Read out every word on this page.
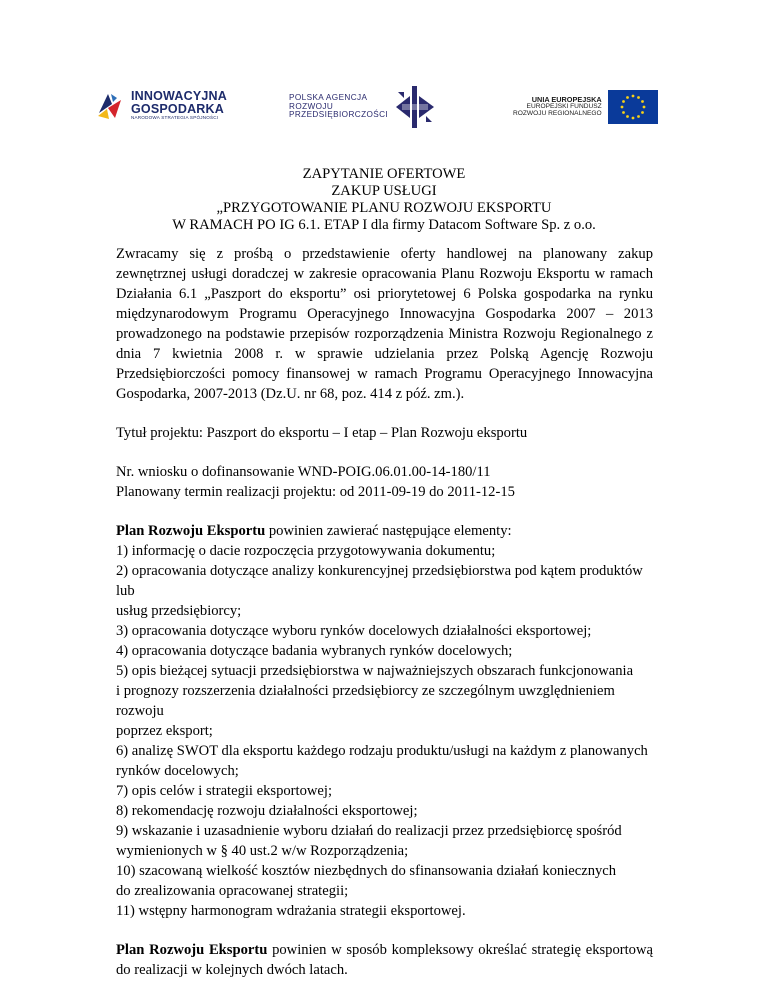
INNOWACYJNA
GOSPODARKA
NARODOWA STRATEGIA SPÓJNOŚCI
POLSKA AGENCJA
ROZWOJU
PRZEDSIĘBIORCZOŚCI
UNIA EUROPEJSKA
EUROPEJSKI FUNDUSZ
ROZWOJU REGIONALNEGO
ZAPYTANIE OFERTOWE
ZAKUP USŁUGI
„PRZYGOTOWANIE PLANU ROZWOJU EKSPORTU
W RAMACH PO IG 6.1. ETAP I dla firmy Datacom Software Sp. z o.o.

Zwracamy się z prośbą o przedstawienie oferty handlowej na planowany zakup zewnętrznej usługi doradczej w zakresie opracowania Planu Rozwoju Eksportu w ramach Działania 6.1 „Paszport do eksportu” osi priorytetowej 6 Polska gospodarka na rynku międzynarodowym Programu Operacyjnego Innowacyjna Gospodarka 2007 – 2013 prowadzonego na podstawie przepisów rozporządzenia Ministra Rozwoju Regionalnego z dnia 7 kwietnia 2008 r. w sprawie udzielania przez Polską Agencję Rozwoju Przedsiębiorczości pomocy finansowej w ramach Programu Operacyjnego Innowacyjna Gospodarka, 2007-2013 (Dz.U. nr 68, poz. 414 z póź. zm.).

Tytuł projektu: Paszport do eksportu – I etap – Plan Rozwoju eksportu

Nr. wniosku o dofinansowanie WND-POIG.06.01.00-14-180/11

Planowany termin realizacji projektu: od 2011-09-19 do 2011-12-15

Plan Rozwoju Eksportu powinien zawierać następujące elementy:

1) informację o dacie rozpoczęcia przygotowywania dokumentu;
2) opracowania dotyczące analizy konkurencyjnej przedsiębiorstwa pod kątem produktów lub
usług przedsiębiorcy;
3) opracowania dotyczące wyboru rynków docelowych działalności eksportowej;
4) opracowania dotyczące badania wybranych rynków docelowych;
5) opis bieżącej sytuacji przedsiębiorstwa w najważniejszych obszarach funkcjonowania
i prognozy rozszerzenia działalności przedsiębiorcy ze szczególnym uwzględnieniem rozwoju
poprzez eksport;
6) analizę SWOT dla eksportu każdego rodzaju produktu/usługi na każdym z planowanych
rynków docelowych;
7) opis celów i strategii eksportowej;
8) rekomendację rozwoju działalności eksportowej;
9) wskazanie i uzasadnienie wyboru działań do realizacji przez przedsiębiorcę spośród
wymienionych w § 40 ust.2 w/w Rozporządzenia;
10) szacowaną wielkość kosztów niezbędnych do sfinansowania działań koniecznych
do zrealizowania opracowanej strategii;
11) wstępny harmonogram wdrażania strategii eksportowej.

Plan Rozwoju Eksportu powinien w sposób kompleksowy określać strategię eksportową do realizacji w kolejnych dwóch latach.
